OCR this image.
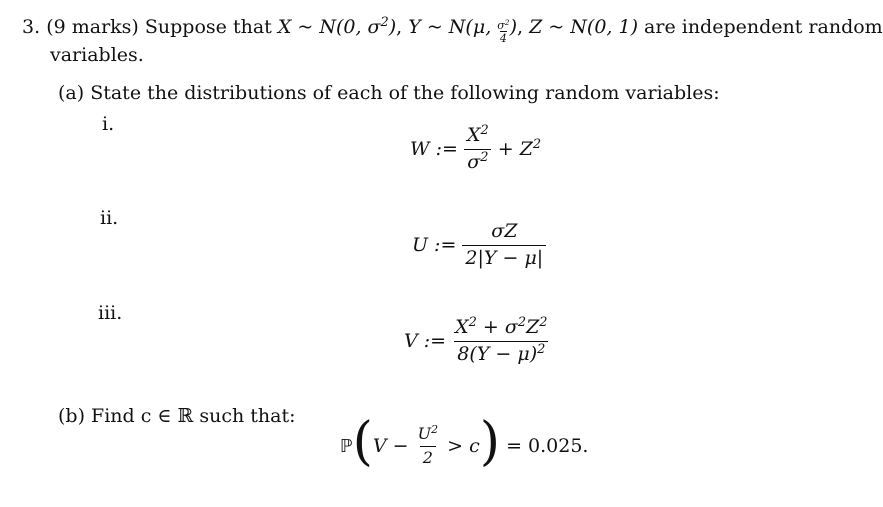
3. (9 marks) Suppose that X ~ N(0, $\sigma^2$), Y ~ N(μ, $\frac{\sigma^2}{4}$ ), Z ~ N(0, 1) are independent random
variables.
(a) State the distributions of each of the following random variables:
i.
W :=
$\frac{X^2}{\sigma^2}$
+ $Z^2$
ii.
U :=
$\frac{\sigma Z}{2|Y - \mu|}$
iii.
V :=
$\frac{X^2 + \sigma^2Z^2}{8(Y - \mu)^2}$
(b) Find c ∈ ℝ such that:
ℙ ( V −
$\frac{U^2}{2}$
> c )
= 0.025.
